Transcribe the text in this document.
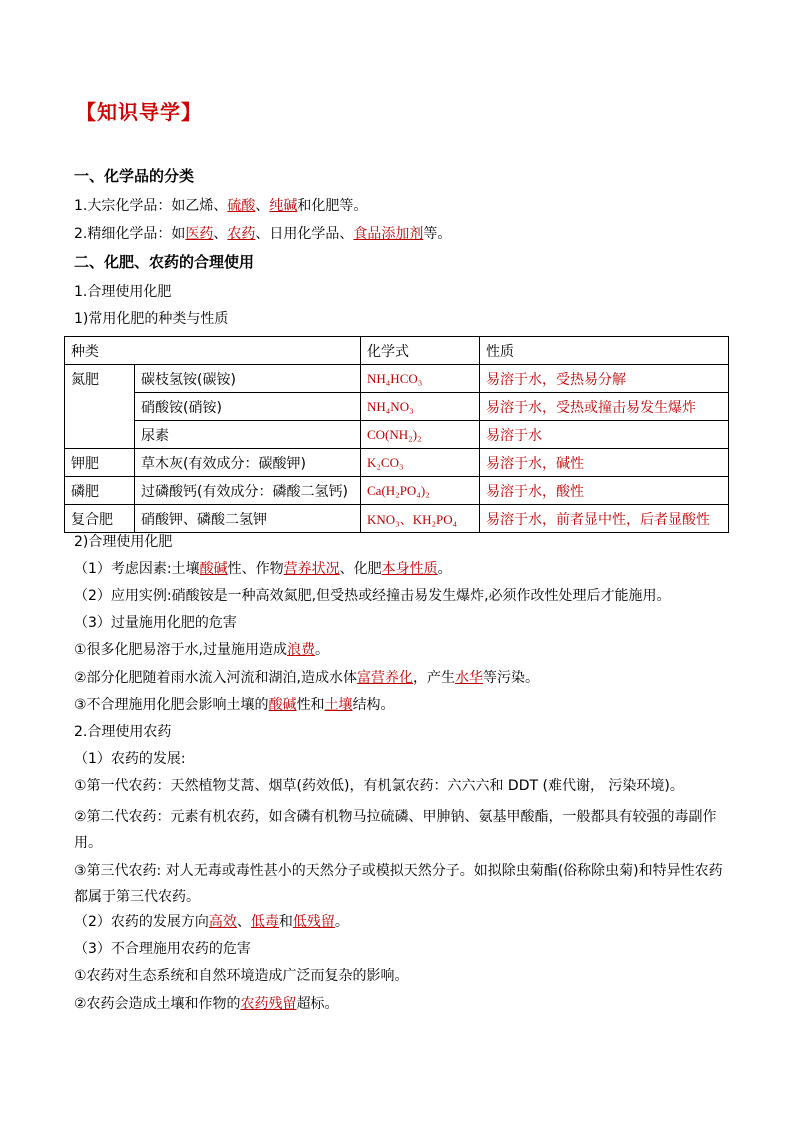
【知识导学】
一、化学品的分类
1.大宗化学品：如乙烯、硫酸、纯碱和化肥等。
2.精细化学品：如医药、农药、日用化学品、食品添加剂等。
二、化肥、农药的合理使用
1.合理使用化肥
1)常用化肥的种类与性质
种类		化学式	性质
氮肥	碳枝氢铵(碳铵)	NH₄HCO₃	易溶于水，受热易分解
	硝酸铵(硝铵)	NH₄NO₃	易溶于水，受热或撞击易发生爆炸
	尿素	CO(NH₂)₂	易溶于水
钾肥	草木灰(有效成分：碳酸钾)	K₂CO₃	易溶于水，碱性
磷肥	过磷酸钙(有效成分：磷酸二氢钙)	Ca(H₂PO₄)₂	易溶于水，酸性
复合肥	硝酸钾、磷酸二氢钾	KNO₃、KH₂PO₄	易溶于水，前者显中性，后者显酸性
2)合理使用化肥
（1）考虑因素:土壤酸碱性、作物营养状况、化肥本身性质。
（2）应用实例:硝酸铵是一种高效氮肥,但受热或经撞击易发生爆炸,必须作改性处理后才能施用。
（3）过量施用化肥的危害
①很多化肥易溶于水,过量施用造成浪费。
②部分化肥随着雨水流入河流和湖泊,造成水体富营养化，产生水华等污染。
③不合理施用化肥会影响土壤的酸碱性和土壤结构。
2.合理使用农药
（1）农药的发展:
①第一代农药：天然植物艾蒿、烟草(药效低)，有机氯农药：六六六和 DDT (难代谢， 污染环境)。
②第二代农药：元素有机农药，如含磷有机物马拉硫磷、甲胂钠、氨基甲酸酯，一般都具有较强的毒副作用。
③第三代农药: 对人无毒或毒性甚小的天然分子或模拟天然分子。如拟除虫菊酯(俗称除虫菊)和特异性农药都属于第三代农药。
（2）农药的发展方向高效、低毒和低残留。
（3）不合理施用农药的危害
①农药对生态系统和自然环境造成广泛而复杂的影响。
②农药会造成土壤和作物的农药残留超标。
